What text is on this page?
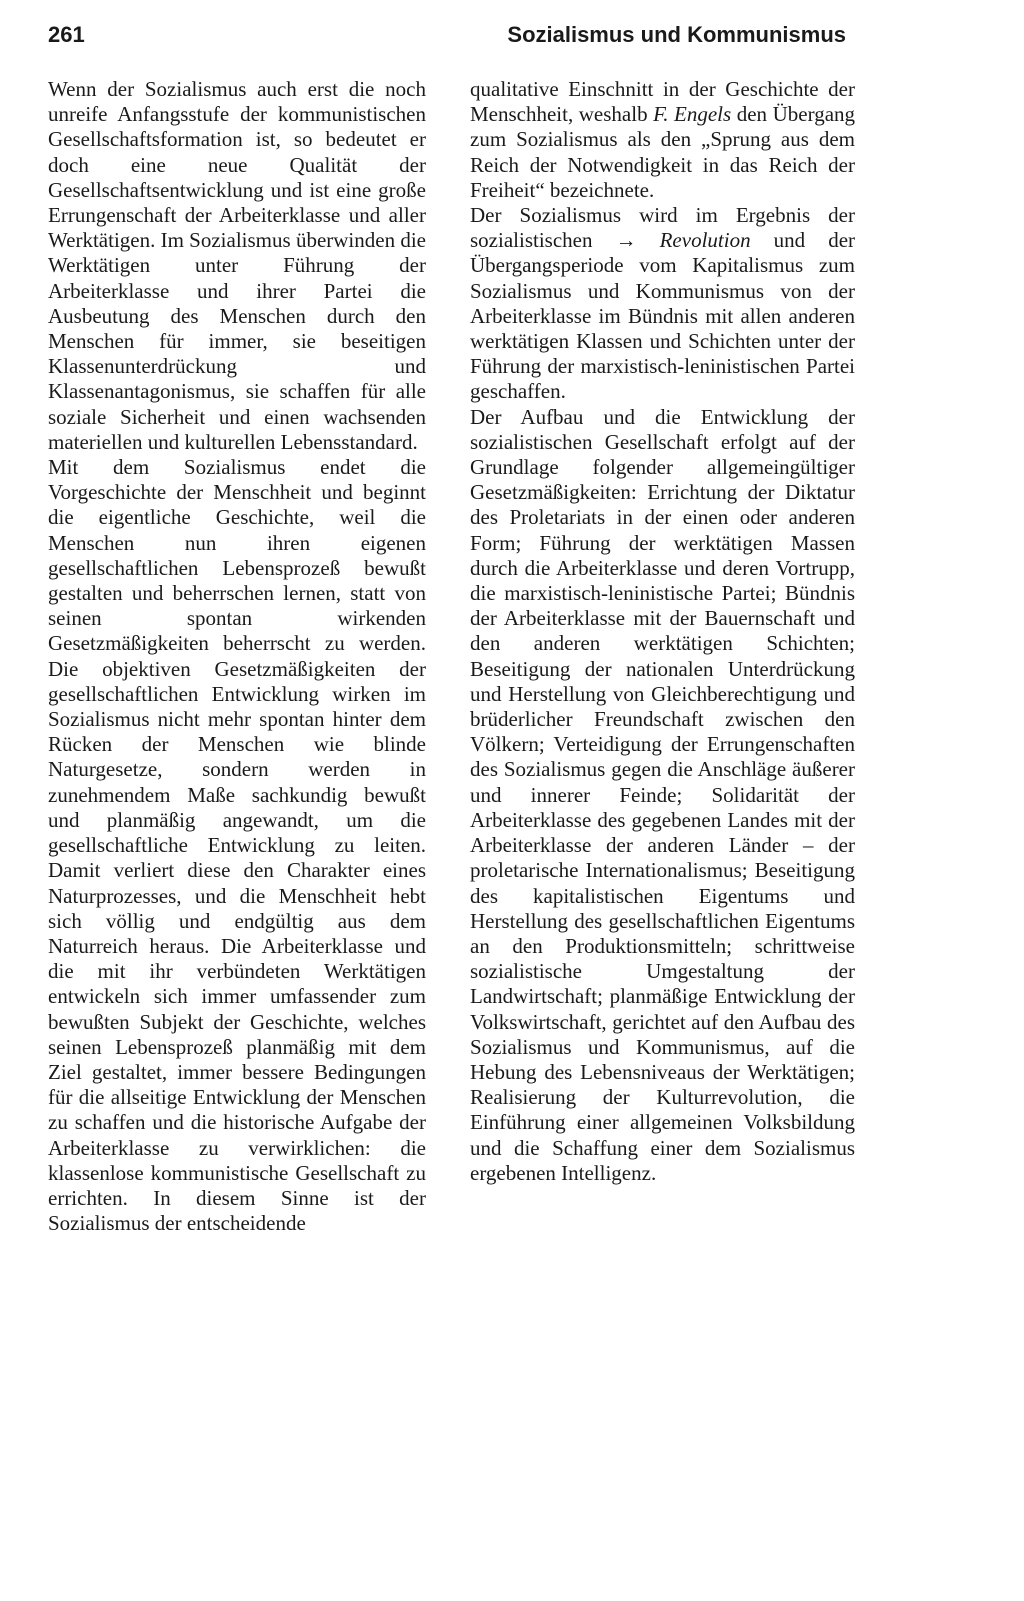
261	Sozialismus und Kommunismus

Wenn der Sozialismus auch erst die noch unreife Anfangsstufe der kommunistischen Gesellschaftsformation ist, so bedeutet er doch eine neue Qualität der Gesellschaftsentwicklung und ist eine große Errungenschaft der Arbeiterklasse und aller Werktätigen. Im Sozialismus überwinden die Werktätigen unter Führung der Arbeiterklasse und ihrer Partei die Ausbeutung des Menschen durch den Menschen für immer, sie beseitigen Klassenunterdrückung und Klassenantagonismus, sie schaffen für alle soziale Sicherheit und einen wachsenden materiellen und kulturellen Lebensstandard.

Mit dem Sozialismus endet die Vorgeschichte der Menschheit und beginnt die eigentliche Geschichte, weil die Menschen nun ihren eigenen gesellschaftlichen Lebensprozeß bewußt gestalten und beherrschen lernen, statt von seinen spontan wirkenden Gesetzmäßigkeiten beherrscht zu werden. Die objektiven Gesetzmäßigkeiten der gesellschaftlichen Entwicklung wirken im Sozialismus nicht mehr spontan hinter dem Rücken der Menschen wie blinde Naturgesetze, sondern werden in zunehmendem Maße sachkundig bewußt und planmäßig angewandt, um die gesellschaftliche Entwicklung zu leiten. Damit verliert diese den Charakter eines Naturprozesses, und die Menschheit hebt sich völlig und endgültig aus dem Naturreich heraus. Die Arbeiterklasse und die mit ihr verbündeten Werktätigen entwickeln sich immer umfassender zum bewußten Subjekt der Geschichte, welches seinen Lebensprozeß planmäßig mit dem Ziel gestaltet, immer bessere Bedingungen für die allseitige Entwicklung der Menschen zu schaffen und die historische Aufgabe der Arbeiterklasse zu verwirklichen: die klassenlose kommunistische Gesellschaft zu errichten. In diesem Sinne ist der Sozialismus der entscheidende

qualitative Einschnitt in der Geschichte der Menschheit, weshalb F. Engels den Übergang zum Sozialismus als den „Sprung aus dem Reich der Notwendigkeit in das Reich der Freiheit“ bezeichnete.

Der Sozialismus wird im Ergebnis der sozialistischen → Revolution und der Übergangsperiode vom Kapitalismus zum Sozialismus und Kommunismus von der Arbeiterklasse im Bündnis mit allen anderen werktätigen Klassen und Schichten unter der Führung der marxistisch-leninistischen Partei geschaffen.

Der Aufbau und die Entwicklung der sozialistischen Gesellschaft erfolgt auf der Grundlage folgender allgemeingültiger Gesetzmäßigkeiten: Errichtung der Diktatur des Proletariats in der einen oder anderen Form; Führung der werktätigen Massen durch die Arbeiterklasse und deren Vortrupp, die marxistisch-leninistische Partei; Bündnis der Arbeiterklasse mit der Bauernschaft und den anderen werktätigen Schichten; Beseitigung der nationalen Unterdrückung und Herstellung von Gleichberechtigung und brüderlicher Freundschaft zwischen den Völkern; Verteidigung der Errungenschaften des Sozialismus gegen die Anschläge äußerer und innerer Feinde; Solidarität der Arbeiterklasse des gegebenen Landes mit der Arbeiterklasse der anderen Länder – der proletarische Internationalismus; Beseitigung des kapitalistischen Eigentums und Herstellung des gesellschaftlichen Eigentums an den Produktionsmitteln; schrittweise sozialistische Umgestaltung der Landwirtschaft; planmäßige Entwicklung der Volkswirtschaft, gerichtet auf den Aufbau des Sozialismus und Kommunismus, auf die Hebung des Lebensniveaus der Werktätigen; Realisierung der Kulturrevolution, die Einführung einer allgemeinen Volksbildung und die Schaffung einer dem Sozialismus ergebenen Intelligenz.
